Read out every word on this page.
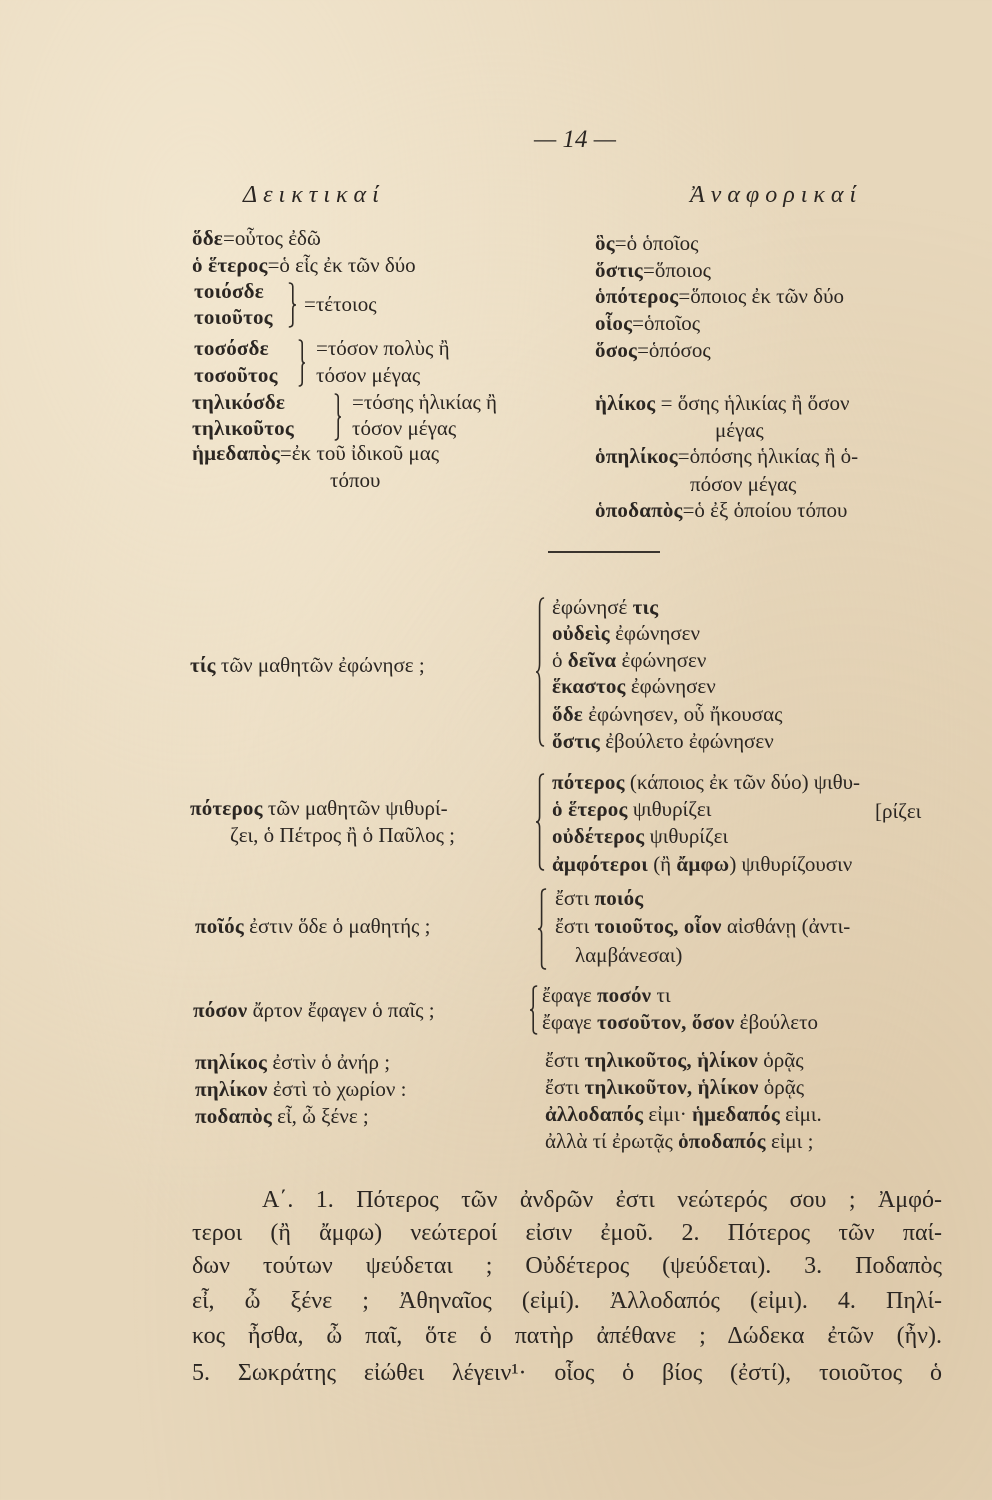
— 14 —
Δεικτικαί	Ἀναφορικαί
ὅδε=οὗτος ἐδῶ
ὁ ἕτερος=ὁ εἷς ἐκ τῶν δύο
τοιόσδε
τοιοῦτος
=τέτοιος
τοσόσδε
τοσοῦτος
=τόσον πολὺς ἢ
τόσον μέγας
τηλικόσδε
τηλικοῦτος
=τόσης ἡλικίας ἢ
τόσον μέγας
ἡμεδαπὸς=ἐκ τοῦ ἰδικοῦ μας
τόπου
ὃς=ὁ ὁποῖος
ὅστις=ὅποιος
ὁπότερος=ὅποιος ἐκ τῶν δύο
οἷος=ὁποῖος
ὅσος=ὁπόσος
ἡλίκος = ὅσης ἡλικίας ἢ ὅσον
μέγας
ὁπηλίκος=ὁπόσης ἡλικίας ἢ ὁ-
πόσον μέγας
ὁποδαπὸς=ὁ ἐξ ὁποίου τόπου
τίς τῶν μαθητῶν ἐφώνησε ;
ἐφώνησέ τις
οὐδεὶς ἐφώνησεν
ὁ δεῖνα ἐφώνησεν
ἕκαστος ἐφώνησεν
ὅδε ἐφώνησεν, οὗ ἤκουσας
ὅστις ἐβούλετο ἐφώνησεν
πότερος τῶν μαθητῶν ψιθυρί-
ζει, ὁ Πέτρος ἢ ὁ Παῦλος ;
πότερος (κάποιος ἐκ τῶν δύο) ψιθυ-
ὁ ἕτερος ψιθυρίζει	[ρίζει
οὐδέτερος ψιθυρίζει
ἀμφότεροι (ἢ ἄμφω) ψιθυρίζουσιν
ποῖός ἐστιν ὅδε ὁ μαθητής ;
ἔστι ποιός
ἔστι τοιοῦτος, οἷον αἰσθάνῃ (ἀντι-
λαμβάνεσαι)
πόσον ἄρτον ἔφαγεν ὁ παῖς ;
ἔφαγε ποσόν τι
ἔφαγε τοσοῦτον, ὅσον ἐβούλετο
πηλίκος ἐστὶν ὁ ἀνήρ ;
πηλίκον ἐστὶ τὸ χωρίον :
ποδαπὸς εἶ, ὦ ξένε ;
ἔστι τηλικοῦτος, ἡλίκον ὁρᾷς
ἔστι τηλικοῦτον, ἡλίκον ὁρᾷς
ἀλλοδαπός εἰμι· ἡμεδαπός εἰμι.
ἀλλὰ τί ἐρωτᾷς ὁποδαπός εἰμι ;
Α΄. 1. Πότερος τῶν ἀνδρῶν ἐστι νεώτερός σου ; Ἀμφό-
τεροι (ἢ ἄμφω) νεώτεροί εἰσιν ἐμοῦ. 2. Πότερος τῶν παί-
δων τούτων ψεύδεται ; Οὐδέτερος (ψεύδεται). 3. Ποδαπὸς
εἶ, ὦ ξένε ; Ἀθηναῖος (εἰμί). Ἀλλοδαπός (εἰμι). 4. Πηλί-
κος ἦσθα, ὦ παῖ, ὅτε ὁ πατὴρ ἀπέθανε ; Δώδεκα ἐτῶν (ἦν).
5. Σωκράτης εἰώθει λέγειν¹· οἷος ὁ βίος (ἐστί), τοιοῦτος ὁ
